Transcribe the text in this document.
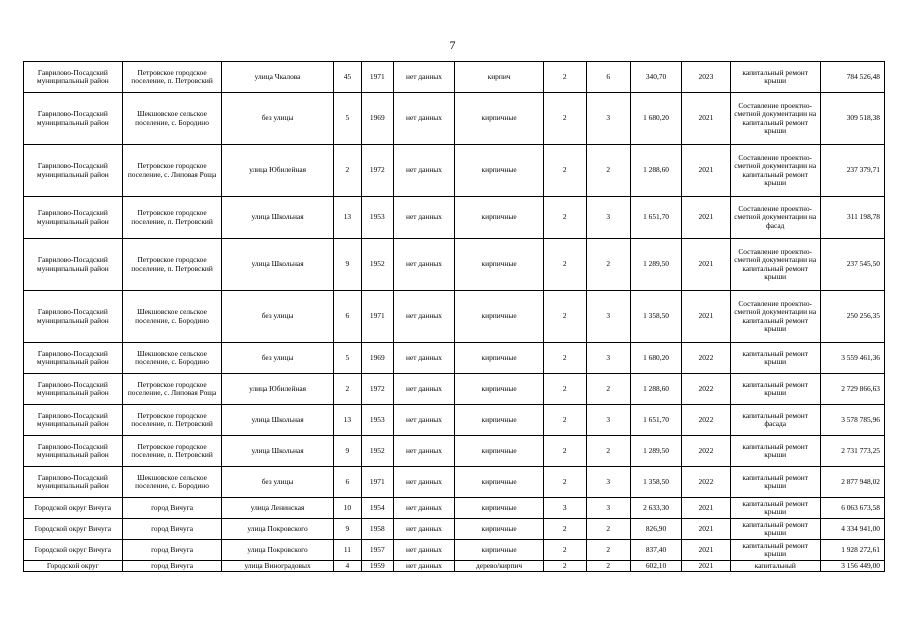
7
Гаврилово-Посадский муниципальный район	Петровское городское поселение, п. Петровский	улица Чкалова	45	1971	нет данных	кирпич	2	6	340,70	2023	капитальный ремонт крыши	784 526,48
Гаврилово-Посадский муниципальный район	Шекшовское сельское поселение, с. Бородино	без улицы	5	1969	нет данных	кирпичные	2	3	1 680,20	2021	Составление проектно-сметной документации на капитальный ремонт крыши	309 518,38
Гаврилово-Посадский муниципальный район	Петровское городское поселение, с. Липовая Роща	улица Юбилейная	2	1972	нет данных	кирпичные	2	2	1 288,60	2021	Составление проектно-сметной документации на капитальный ремонт крыши	237 379,71
Гаврилово-Посадский муниципальный район	Петровское городское поселение, п. Петровский	улица Школьная	13	1953	нет данных	кирпичные	2	3	1 651,70	2021	Составление проектно-сметной документации на фасад	311 198,78
Гаврилово-Посадский муниципальный район	Петровское городское поселение, п. Петровский	улица Школьная	9	1952	нет данных	кирпичные	2	2	1 289,50	2021	Составление проектно-сметной документации на капитальный ремонт крыши	237 545,50
Гаврилово-Посадский муниципальный район	Шекшовское сельское поселение, с. Бородино	без улицы	6	1971	нет данных	кирпичные	2	3	1 358,50	2021	Составление проектно-сметной документации на капитальный ремонт крыши	250 256,35
Гаврилово-Посадский муниципальный район	Шекшовское сельское поселение, с. Бородино	без улицы	5	1969	нет данных	кирпичные	2	3	1 680,20	2022	капитальный ремонт крыши	3 559 461,36
Гаврилово-Посадский муниципальный район	Петровское городское поселение, с. Липовая Роща	улица Юбилейная	2	1972	нет данных	кирпичные	2	2	1 288,60	2022	капитальный ремонт крыши	2 729 866,63
Гаврилово-Посадский муниципальный район	Петровское городское поселение, п. Петровский	улица Школьная	13	1953	нет данных	кирпичные	2	3	1 651,70	2022	капитальный ремонт фасада	3 578 785,96
Гаврилово-Посадский муниципальный район	Петровское городское поселение, п. Петровский	улица Школьная	9	1952	нет данных	кирпичные	2	2	1 289,50	2022	капитальный ремонт крыши	2 731 773,25
Гаврилово-Посадский муниципальный район	Шекшовское сельское поселение, с. Бородино	без улицы	6	1971	нет данных	кирпичные	2	3	1 358,50	2022	капитальный ремонт крыши	2 877 948,02
Городской округ Вичуга	город Вичуга	улица Ленинская	10	1954	нет данных	кирпичные	3	3	2 633,30	2021	капитальный ремонт крыши	6 063 673,58
Городской округ Вичуга	город Вичуга	улица Покровского	9	1958	нет данных	кирпичные	2	2	826,90	2021	капитальный ремонт крыши	4 334 941,00
Городской округ Вичуга	город Вичуга	улица Покровского	11	1957	нет данных	кирпичные	2	2	837,40	2021	капитальный ремонт крыши	1 928 272,61
Городской округ	город Вичуга	улица Виноградовых	4	1959	нет данных	дерево/кирпич	2	2	602,10	2021	капитальный	3 156 449,00
